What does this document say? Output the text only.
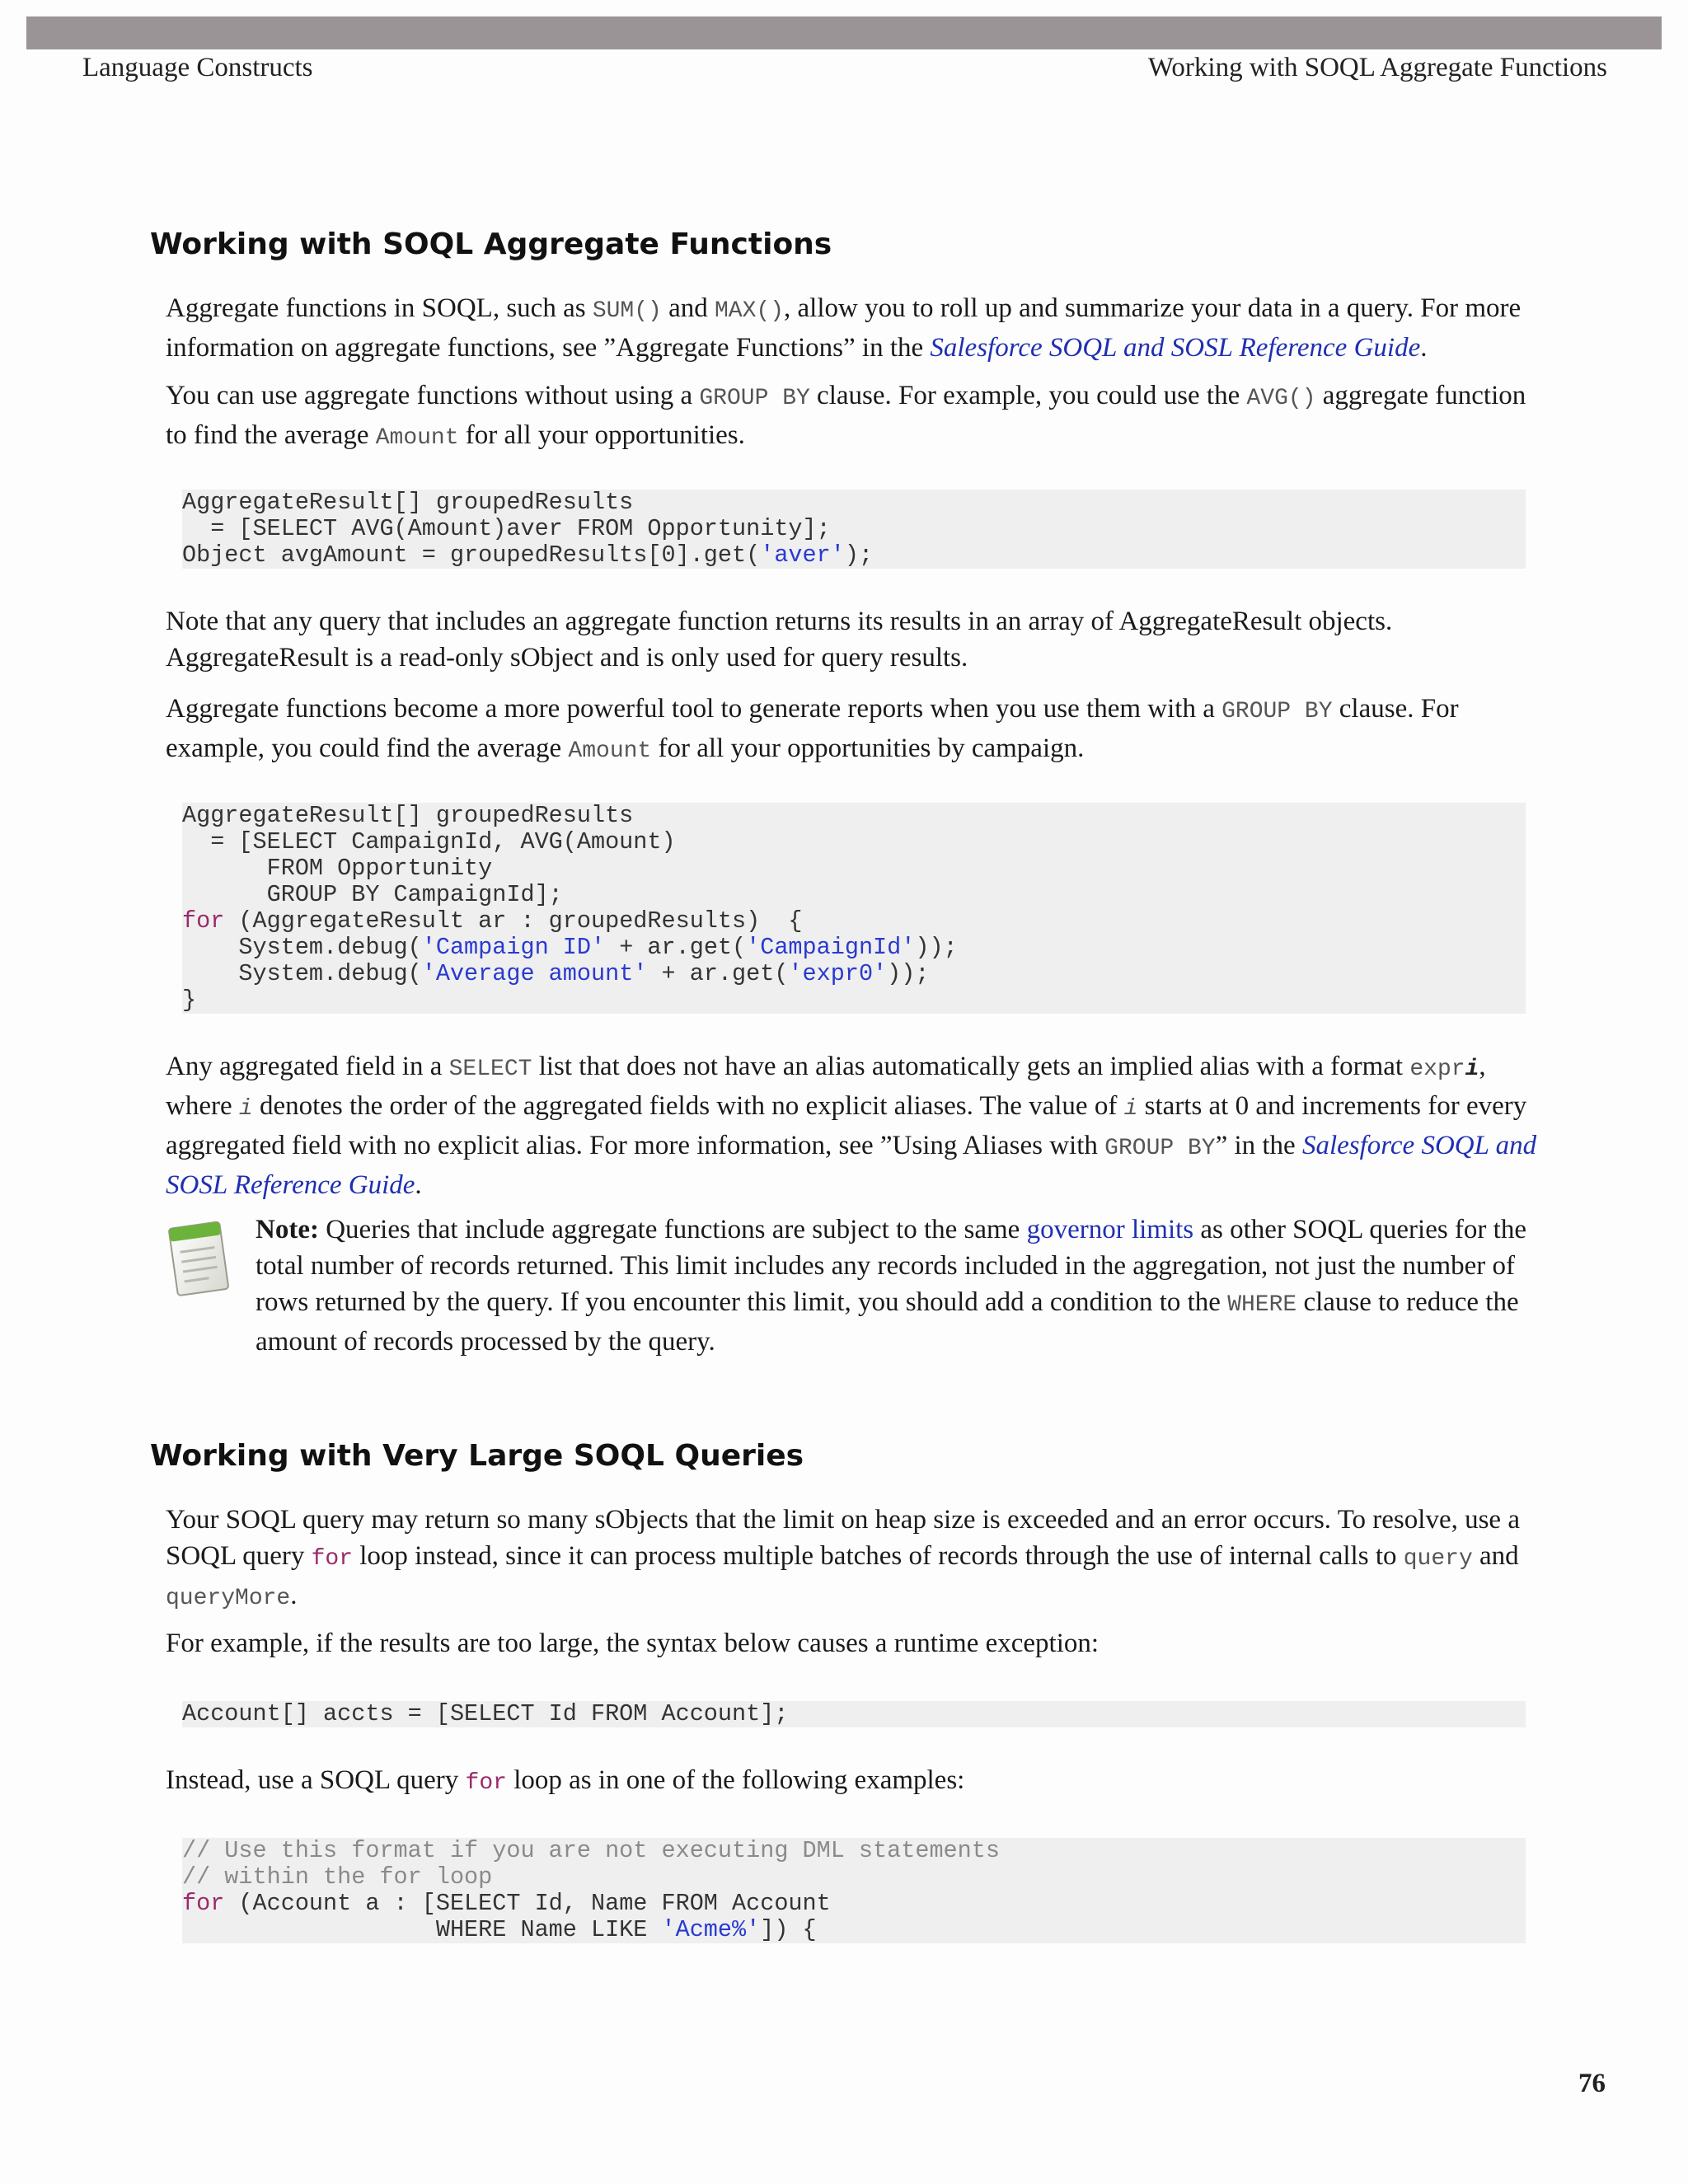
Language Constructs	Working with SOQL Aggregate Functions
Working with SOQL Aggregate Functions

Aggregate functions in SOQL, such as SUM() and MAX(), allow you to roll up and summarize your data in a query. For more information on aggregate functions, see ”Aggregate Functions” in the Salesforce SOQL and SOSL Reference Guide.

You can use aggregate functions without using a GROUP BY clause. For example, you could use the AVG() aggregate function to find the average Amount for all your opportunities.

AggregateResult[] groupedResults
= [SELECT AVG(Amount)aver FROM Opportunity];
Object avgAmount = groupedResults[0].get('aver');

Note that any query that includes an aggregate function returns its results in an array of AggregateResult objects. AggregateResult is a read-only sObject and is only used for query results.

Aggregate functions become a more powerful tool to generate reports when you use them with a GROUP BY clause. For example, you could find the average Amount for all your opportunities by campaign.

AggregateResult[] groupedResults
= [SELECT CampaignId, AVG(Amount)
FROM Opportunity
GROUP BY CampaignId];
for (AggregateResult ar : groupedResults)  {
System.debug('Campaign ID' + ar.get('CampaignId'));
System.debug('Average amount' + ar.get('expr0'));
}

Any aggregated field in a SELECT list that does not have an alias automatically gets an implied alias with a format expri, where i denotes the order of the aggregated fields with no explicit aliases. The value of i starts at 0 and increments for every aggregated field with no explicit alias. For more information, see ”Using Aliases with GROUP BY” in the Salesforce SOQL and SOSL Reference Guide.

Note: Queries that include aggregate functions are subject to the same governor limits as other SOQL queries for the total number of records returned. This limit includes any records included in the aggregation, not just the number of rows returned by the query. If you encounter this limit, you should add a condition to the WHERE clause to reduce the amount of records processed by the query.
Working with Very Large SOQL Queries

Your SOQL query may return so many sObjects that the limit on heap size is exceeded and an error occurs. To resolve, use a SOQL query for loop instead, since it can process multiple batches of records through the use of internal calls to query and queryMore.

For example, if the results are too large, the syntax below causes a runtime exception:

Account[] accts = [SELECT Id FROM Account];

Instead, use a SOQL query for loop as in one of the following examples:

// Use this format if you are not executing DML statements
// within the for loop
for (Account a : [SELECT Id, Name FROM Account
WHERE Name LIKE 'Acme%']) {
76
